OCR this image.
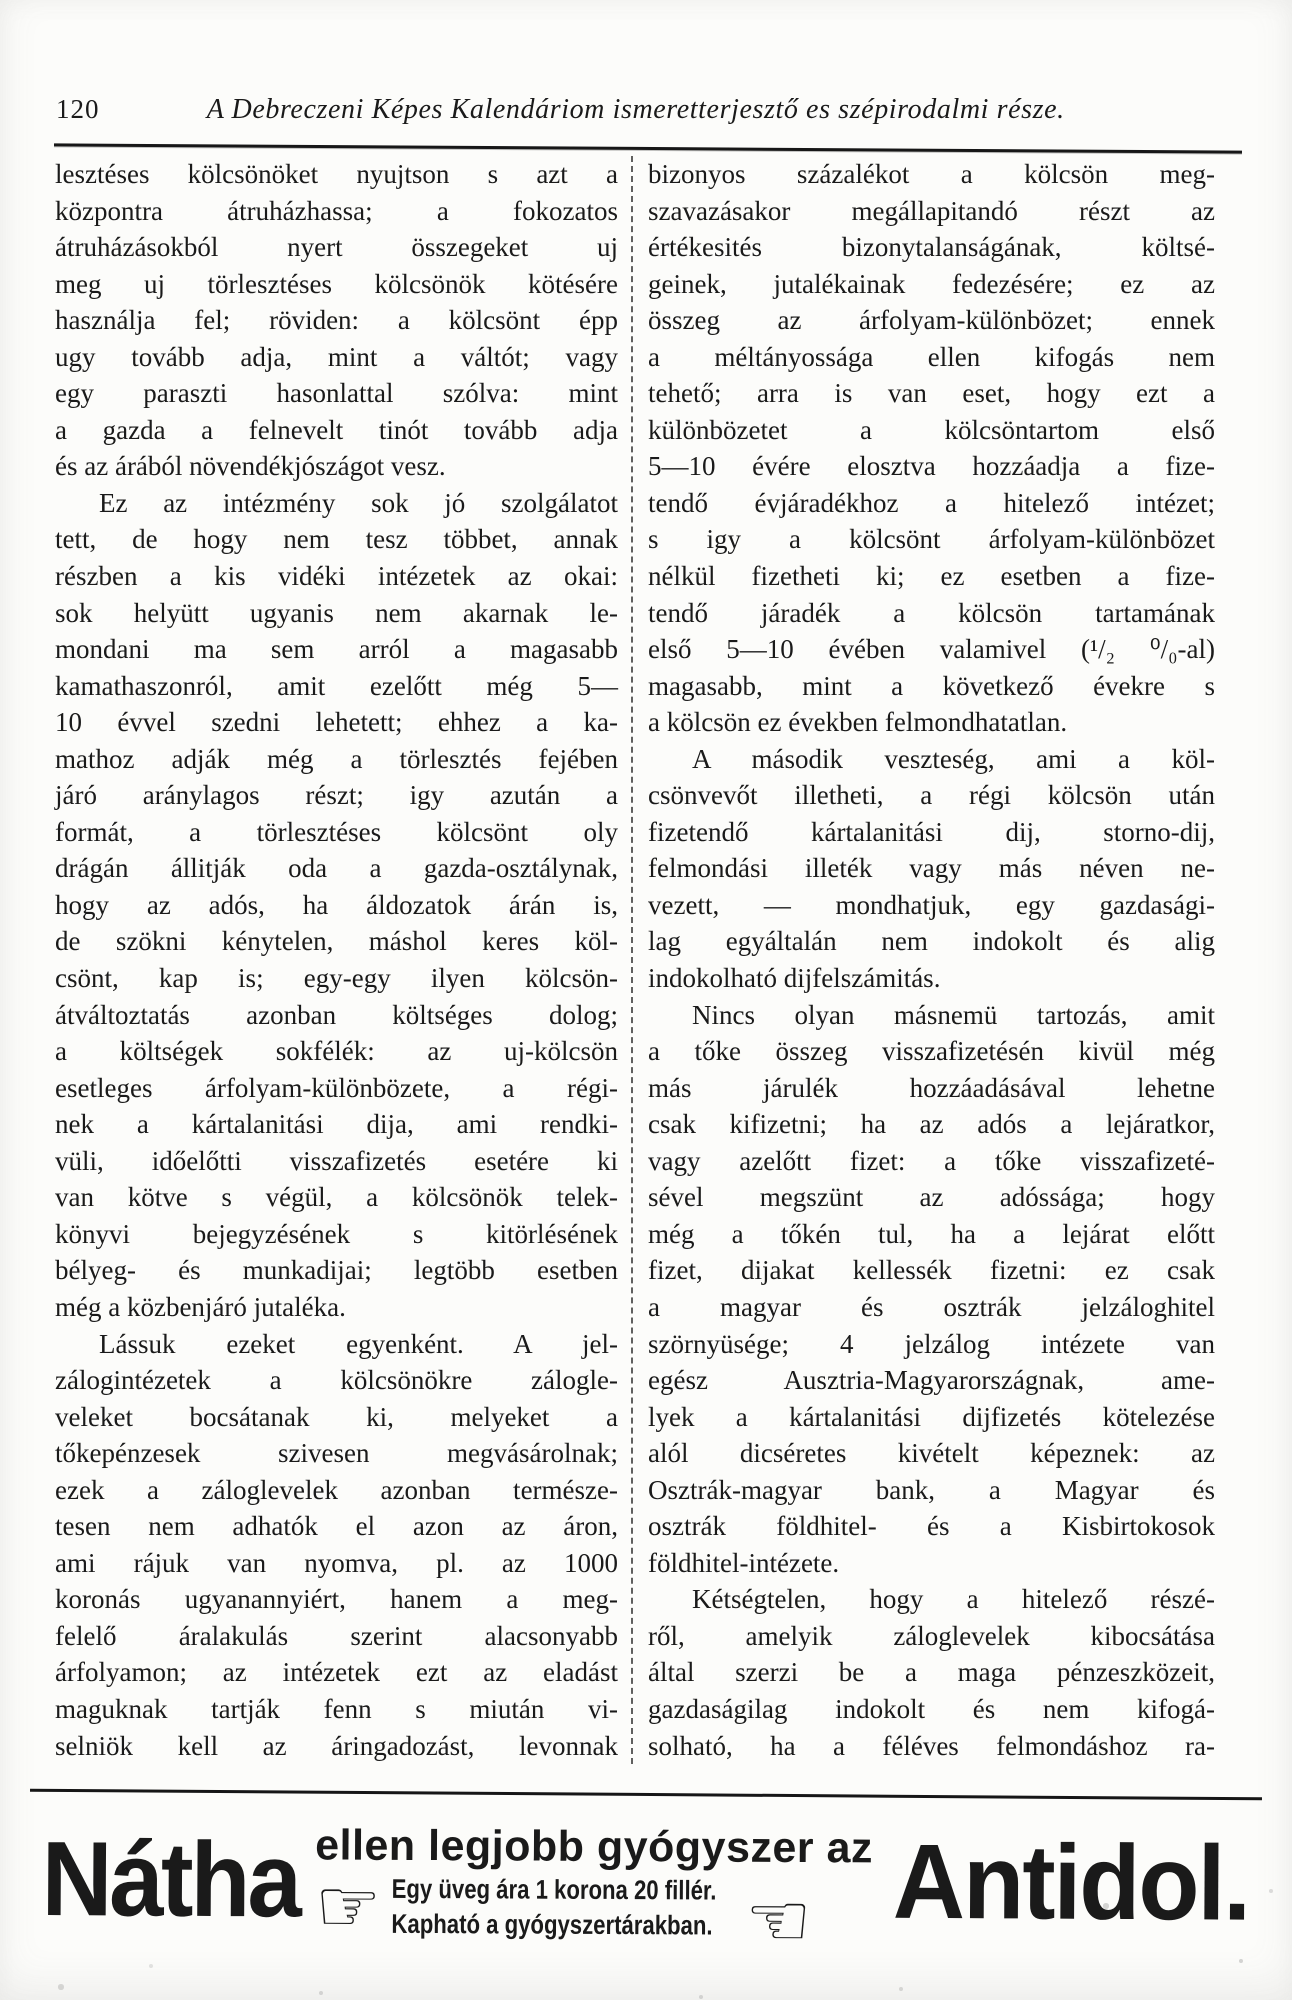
120	A Debreczeni Képes Kalendáriom ismeretterjesztő es szépirodalmi része.
lesztéses kölcsönöket nyujtson s azt a
központra átruházhassa; a fokozatos
átruházásokból nyert összegeket uj
meg uj törlesztéses kölcsönök kötésére
használja fel; röviden: a kölcsönt épp
ugy tovább adja, mint a váltót; vagy
egy paraszti hasonlattal szólva: mint
a gazda a felnevelt tinót tovább adja
és az árából növendékjószágot vesz.
Ez az intézmény sok jó szolgálatot
tett, de hogy nem tesz többet, annak
részben a kis vidéki intézetek az okai:
sok helyütt ugyanis nem akarnak le-
mondani ma sem arról a magasabb
kamathaszonról, amit ezelőtt még 5—
10 évvel szedni lehetett; ehhez a ka-
mathoz adják még a törlesztés fejében
járó aránylagos részt; igy azután a
formát, a törlesztéses kölcsönt oly
drágán állitják oda a gazda-osztálynak,
hogy az adós, ha áldozatok árán is,
de szökni kénytelen, máshol keres köl-
csönt, kap is; egy-egy ilyen kölcsön-
átváltoztatás azonban költséges dolog;
a költségek sokfélék: az uj-kölcsön
esetleges árfolyam-különbözete, a régi-
nek a kártalanitási dija, ami rendki-
vüli, időelőtti visszafizetés esetére ki
van kötve s végül, a kölcsönök telek-
könyvi bejegyzésének s kitörlésének
bélyeg- és munkadijai; legtöbb esetben
még a közbenjáró jutaléka.
Lássuk ezeket egyenként. A jel-
zálogintézetek a kölcsönökre zálogle-
veleket bocsátanak ki, melyeket a
tőkepénzesek szivesen megvásárolnak;
ezek a záloglevelek azonban természe-
tesen nem adhatók el azon az áron,
ami rájuk van nyomva, pl. az 1000
koronás ugyanannyiért, hanem a meg-
felelő áralakulás szerint alacsonyabb
árfolyamon; az intézetek ezt az eladást
maguknak tartják fenn s miután vi-
selniök kell az áringadozást, levonnak
bizonyos százalékot a kölcsön meg-
szavazásakor megállapitandó részt az
értékesités bizonytalanságának, költsé-
geinek, jutalékainak fedezésére; ez az
összeg az árfolyam-különbözet; ennek
a méltányossága ellen kifogás nem
tehető; arra is van eset, hogy ezt a
különbözetet a kölcsöntartom első
5—10 évére elosztva hozzáadja a fize-
tendő évjáradékhoz a hitelező intézet;
s igy a kölcsönt árfolyam-különbözet
nélkül fizetheti ki; ez esetben a fize-
tendő járadék a kölcsön tartamának
első 5—10 évében valamivel (¹/₂ ⁰/₀-al)
magasabb, mint a következő évekre s
a kölcsön ez években felmondhatatlan.
A második veszteség, ami a köl-
csönvevőt illetheti, a régi kölcsön után
fizetendő kártalanitási dij, storno-dij,
felmondási illeték vagy más néven ne-
vezett, — mondhatjuk, egy gazdasági-
lag egyáltalán nem indokolt és alig
indokolható dijfelszámitás.
Nincs olyan másnemü tartozás, amit
a tőke összeg visszafizetésén kivül még
más járulék hozzáadásával lehetne
csak kifizetni; ha az adós a lejáratkor,
vagy azelőtt fizet: a tőke visszafizeté-
sével megszünt az adóssága; hogy
még a tőkén tul, ha a lejárat előtt
fizet, dijakat kellessék fizetni: ez csak
a magyar és osztrák jelzáloghitel
szörnyüsége; 4 jelzálog intézete van
egész Ausztria-Magyarországnak, ame-
lyek a kártalanitási dijfizetés kötelezése
alól dicséretes kivételt képeznek: az
Osztrák-magyar bank, a Magyar és
osztrák földhitel- és a Kisbirtokosok
földhitel-intézete.
Kétségtelen, hogy a hitelező részé-
ről, amelyik záloglevelek kibocsátása
által szerzi be a maga pénzeszközeit,
gazdaságilag indokolt és nem kifogá-
solható, ha a féléves felmondáshoz ra-
Nátha ellen legjobb gyógyszer az
☞ Egy üveg ára 1 korona 20 fillér.
Kapható a gyógyszertárakban. ☜ Antidol.
